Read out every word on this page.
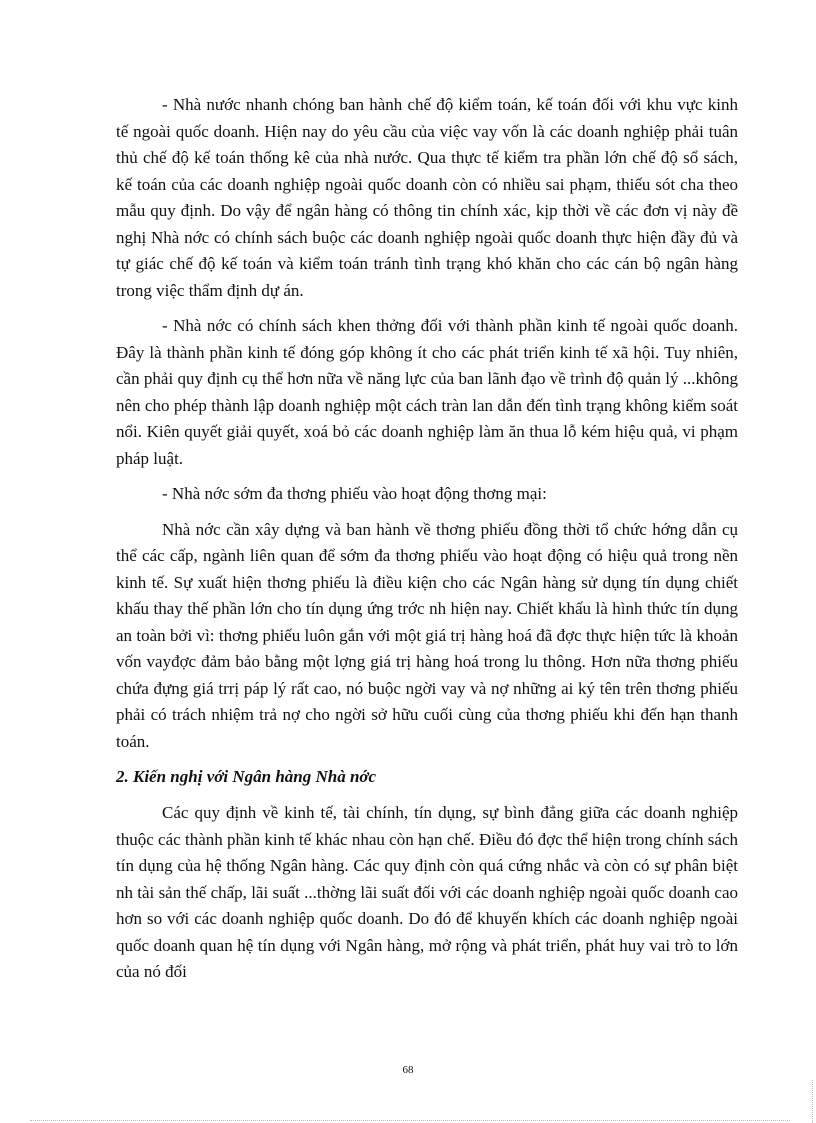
- Nhà nước nhanh chóng ban hành chế độ kiểm toán, kế toán đối với khu vực kinh tế ngoài quốc doanh. Hiện nay do yêu cầu của việc vay vốn là các doanh nghiệp phải tuân thủ chế độ kế toán thống kê của nhà nước. Qua thực tế kiểm tra phần lớn chế độ sổ sách, kế toán của các doanh nghiệp ngoài quốc doanh còn có nhiều sai phạm, thiếu sót cha theo mẫu quy định. Do vậy để ngân hàng có thông tin chính xác, kịp thời về các đơn vị này đề nghị Nhà nớc có chính sách buộc các doanh nghiệp ngoài quốc doanh thực hiện đầy đủ và tự giác chế độ kế toán và kiểm toán tránh tình trạng khó khăn cho các cán bộ ngân hàng trong việc thẩm định dự án.

- Nhà nớc có chính sách khen thởng đối với thành phần kinh tế ngoài quốc doanh. Đây là thành phần kinh tế đóng góp không ít cho các phát triển kinh tế xã hội. Tuy nhiên, cần phải quy định cụ thể hơn nữa về năng lực của ban lãnh đạo về trình độ quản lý ...không nên cho phép thành lập doanh nghiệp một cách tràn lan dẫn đến tình trạng không kiểm soát nổi. Kiên quyết giải quyết, xoá bỏ các doanh nghiệp làm ăn thua lỗ kém hiệu quả, vi phạm pháp luật.

- Nhà nớc sớm đa thơng phiếu vào hoạt động thơng mại:

Nhà nớc cần xây dựng và ban hành về thơng phiếu đồng thời tổ chức hớng dẫn cụ thể các cấp, ngành liên quan để sớm đa thơng phiếu vào hoạt động có hiệu quả trong nền kinh tế. Sự xuất hiện thơng phiếu là điều kiện cho các Ngân hàng sử dụng tín dụng chiết khấu thay thế phần lớn cho tín dụng ứng trớc nh hiện nay. Chiết khấu là hình thức tín dụng an toàn bởi vì: thơng phiếu luôn gắn với một giá trị hàng hoá đã đợc thực hiện tức là khoản vốn vayđợc đảm bảo bằng một lợng giá trị hàng hoá trong lu thông. Hơn nữa thơng phiếu chứa đựng giá trrị páp lý rất cao, nó buộc ngời vay và nợ những ai ký tên trên thơng phiếu phải có trách nhiệm trả nợ cho ngời sở hữu cuối cùng của thơng phiếu khi đến hạn thanh toán.

2. Kiến nghị với Ngân hàng Nhà nớc

Các quy định về kinh tế, tài chính, tín dụng, sự bình đẳng giữa các doanh nghiệp thuộc các thành phần kinh tế khác nhau còn hạn chế. Điều đó đợc thể hiện trong chính sách tín dụng của hệ thống Ngân hàng. Các quy định còn quá cứng nhắc và còn có sự phân biệt nh tài sản thế chấp, lãi suất ...thờng lãi suất đối với các doanh nghiệp ngoài quốc doanh cao hơn so với các doanh nghiệp quốc doanh. Do đó để khuyến khích các doanh nghiệp ngoài quốc doanh quan hệ tín dụng với Ngân hàng, mở rộng và phát triển, phát huy vai trò to lớn của nó đối

68
